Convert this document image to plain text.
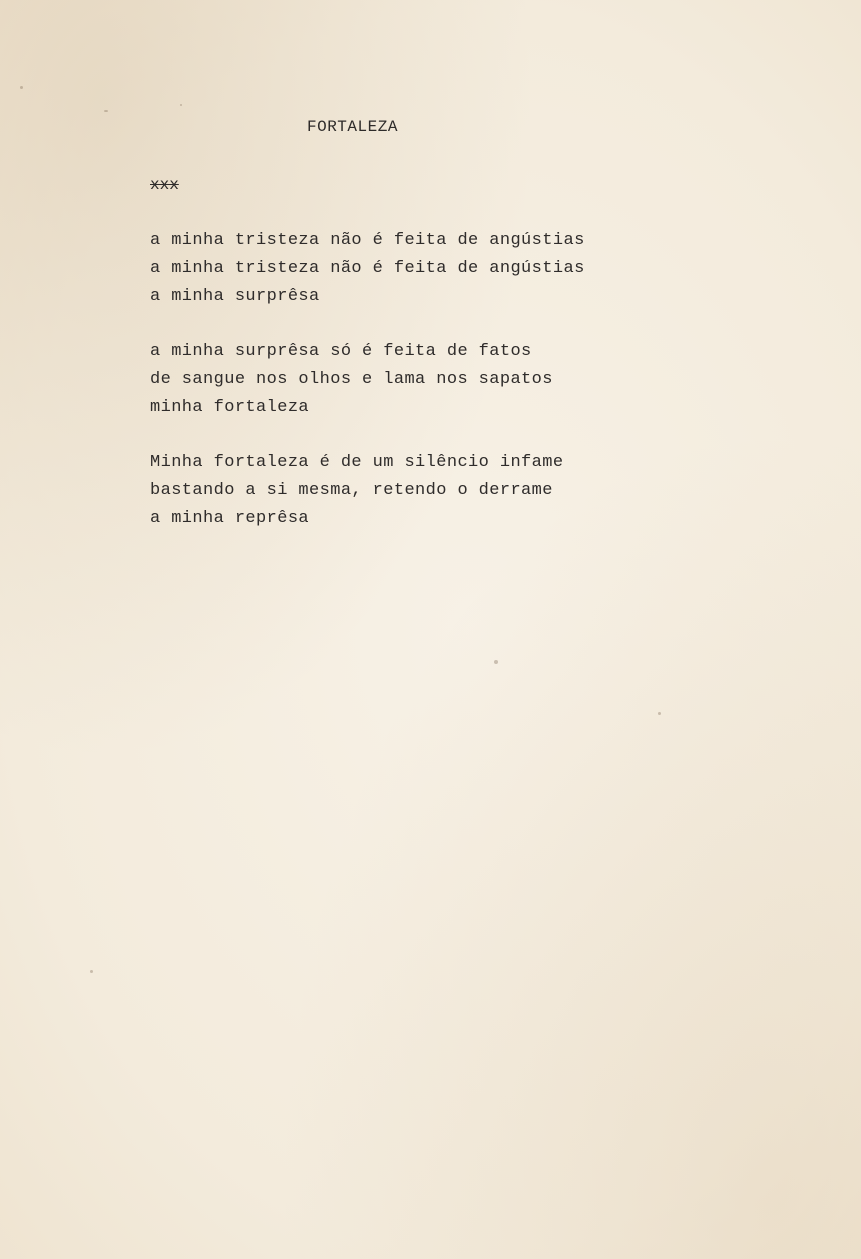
FORTALEZA
xxx
a minha tristeza não é feita de angústias
a minha tristeza não é feita de angústias
a minha surprêsa
a minha surprêsa só é feita de fatos
de sangue nos olhos e lama nos sapatos
minha fortaleza
Minha fortaleza é de um silêncio infame
bastando a si mesma, retendo o derrame
a minha reprêsa
